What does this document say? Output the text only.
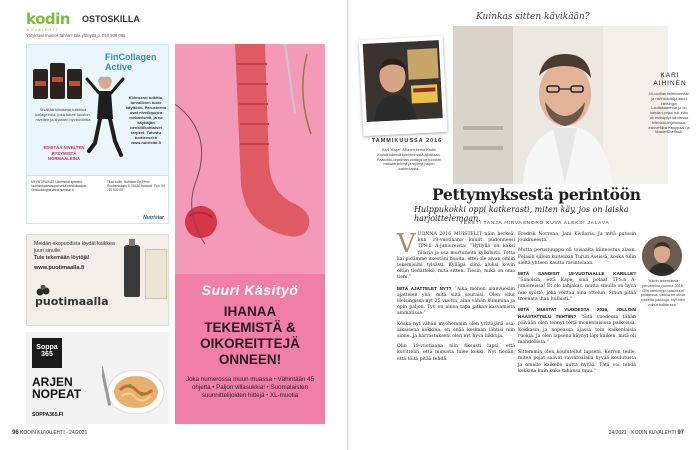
kodin
KUVALEHTI
OSTOSKILLA
Yrityksesi mainos tähän? Ota yhteyttä p. 010 808 085
FinCollagen
Active
Sisältää kliinisesti tutkittua kollageenia, joka tukee luuston, nivelten ja lihasten hyvinvointia
Kliinisesti tutkittu, turvallinen tuote käyttöön. Perusteena ovat nivelkipujen mekanismit, ja ne käyttäjän henkilökohtaiset tarpeet. Tutustu tuotteeseen www.nutristar.fi
EDISTÄÄ NIVELTEN PYSYMISTÄ NORMAALEINA
MYYNTIPAIKAT: Useimmat apteekit, luontaistuotekaupat sekä verkkokaupat. Verkkokauppa www.nutristar.fi
Tilaa kotiin: Nutristar Oy, Pieni Roobertinkatu 9, 00130 Helsinki. Puh. 09 761 000 00
Nutristar
Meidän ekopuodista löydät kaikkea juuri sinulle.
Tule tekemään löytöjä!
www.puotimaalla.fi
puotimaalla
Soppa
365
ARJEN
NOPEAT
SOPPA365.FI
Suuri Käsityö
IHANAA
TEKEMISTÄ &
OIKOREITTEJÄ
ONNEEN!
Joka numerossa muun muassa • Vähintään 45 ohjetta • Paljon villasukkia! • Suomalaisten suunnittelijoiden hittejä • XL-muotia
96 KODIN KUVALEHTI · 24/2021
Kuinkas sitten kävikään?
TAMMIKUUSSA 2016
Kari "Kape" Aihinen kertoi Kodin Kuvalehdessä tyhmimmistä ajoistaan. Pääkokki-ohjelman voittaja on vuosien mittaan tehnyt ja syönyt paljon kaikenlaista.
KARI
AIHINEN
49-vuotias keittiömestari ja ravintoloitsija asuu Helsingin Lauttasaaressa ja on kahden pojan isä. Hän on esiintynyt lukuisissa televisio-ohjelmissa, esimerkiksi Kauppaan ja MasterChefissä.
Pettymyksestä perintöön
Huippukokki oppi katkerasti, miten käy, jos on laiska harjoittelemaan.
TEKSTI TANJA HIRVASNORO KUVA ALEKSI JALAVA

VUONNA 2016 MUISTELIT näin herkeä, kun 19-vuotiaana kuulit pudonneesi TPS:n A-junioreista: ”Hyllyllä oli kaksi fillaria ja osa murtuneita kylkiluita. Totta kai pidämme itsestäni huolta, ettei ole aivan omiin tekemisiini tylsästi. Kylläpä siinä aluksi kovin oltiin tiedättekö, mitä sitten. Tiesin, mikä on oma tieni.”

MITÄ AJATTELET NYT? ”Aika monen alanvuosiin ajattelen yhä, mitä siitä seuraisi. Olen ollut Helsingissä nyt 25 vuotta, aina vähän kummina ja opin paljon. Työ on ainoa tapa jatkaa kasvamista ammatissa.”

Koska nyt vähän myöhemmin olen yrittäjänä osa-aikaisena kokkina, en enää koskaan lähtisi niin sinne. Ja harrastukseni olen nyt hyvä liikkuja.

Olin 19-vuotiaana niin fiksusti lapsi, että kuvittelin, että minusta tulee kokki. Nyt tiedän, että töitä pitää tehdä.

Fredrik Norrena, Jani Kivilaria. Ja mitä putosin joukkueesta.

Mutta perustuuppu oli toisaalta kiinnostus alaan. Pelasin silloin kuitenkin Turun Ässissä, koska tulin sieltä yhteen kautta ravintolaan.

MITÄ SANOISIT 19-VUOTIAALLE KARILLE? ”Sanoisin, että Kape, sinä pelaat TPS:n A-junioreissa! Et ole lahjakas, mutta sinulla on hyvä nuo syöttö, joka voittaa aina ottelun. Sinun pitää treenata ihan hullusti.”

MITÄ MUISTAT VUODESTA 2016, JOLLOIN HAASTATTELU TEHTIIN? ”Sitä vuodessa tähän päivään olen tehnyt töitä monenlaisissa paikoissa. Kokkasin ja nopeassa ajassa tein kaikenlaisia ruokia. Ja olen lapsena käynyt läpi kaiken, mitä oli mahdollista.”

Sittemmin olen koulutellut lapseni. Kerron teille, miten pojat saavat ravintoalalla hyvää koulutusta ja omalle kaikelle uutta hyvää. Tätä voi tehdä kokkina kuin kuka tahansa muu.”

”Kävin tekemässä perustelua vuonna 2016. Olin vanhempi taisteluun pelatessa, vaikka ne olivat vaikeita paikkoja. Nyt olen voinut hallita sen.”
24/2021 · KODIN KUVALEHTI 97
